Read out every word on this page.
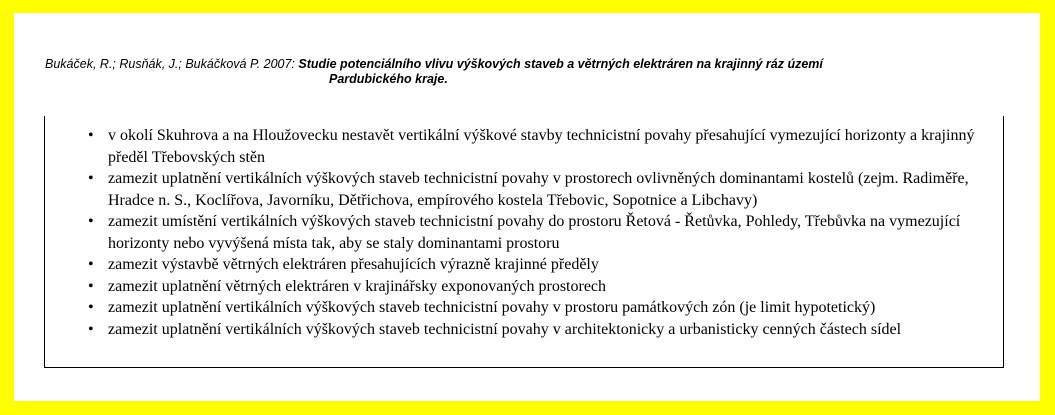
Bukáček, R.; Rusňák, J.; Bukáčková P. 2007: Studie potenciálního vlivu výškových staveb a větrných elektráren na krajinný ráz území
Pardubického kraje.
• v okolí Skuhrova a na Hloužovecku nestavět vertikální výškové stavby technicistní povahy přesahující vymezující horizonty a krajinný předěl Třebovských stěn
• zamezit uplatnění vertikálních výškových staveb technicistní povahy v prostorech ovlivněných dominantami kostelů (zejm. Radiměře, Hradce n. S., Koclířova, Javorníku, Dětřichova, empírového kostela Třebovic, Sopotnice a Libchavy)
• zamezit umístění vertikálních výškových staveb technicistní povahy do prostoru Řetová - Řetůvka, Pohledy, Třebůvka na vymezující horizonty nebo vyvýšená místa tak, aby se staly dominantami prostoru
• zamezit výstavbě větrných elektráren přesahujících výrazně krajinné předěly
• zamezit uplatnění větrných elektráren v krajinářsky exponovaných prostorech
• zamezit uplatnění vertikálních výškových staveb technicistní povahy v prostoru památkových zón (je limit hypotetický)
• zamezit uplatnění vertikálních výškových staveb technicistní povahy v architektonicky a urbanisticky cenných částech sídel
